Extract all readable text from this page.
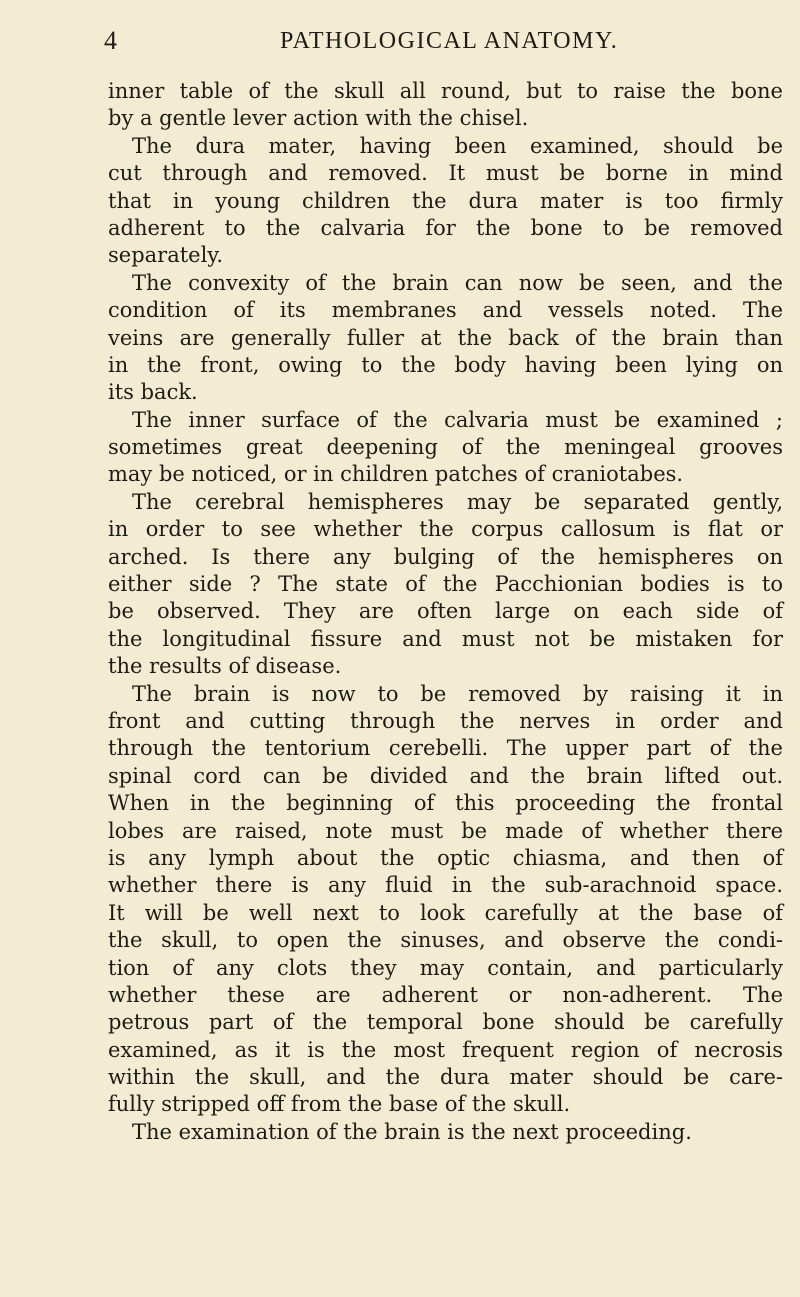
4	PATHOLOGICAL ANATOMY.
inner table of the skull all round, but to raise the bone
by a gentle lever action with the chisel.
The dura mater, having been examined, should be
cut through and removed. It must be borne in mind
that in young children the dura mater is too firmly
adherent to the calvaria for the bone to be removed
separately.
The convexity of the brain can now be seen, and the
condition of its membranes and vessels noted. The
veins are generally fuller at the back of the brain than
in the front, owing to the body having been lying on
its back.
The inner surface of the calvaria must be examined ;
sometimes great deepening of the meningeal grooves
may be noticed, or in children patches of craniotabes.
The cerebral hemispheres may be separated gently,
in order to see whether the corpus callosum is flat or
arched. Is there any bulging of the hemispheres on
either side ? The state of the Pacchionian bodies is to
be observed. They are often large on each side of
the longitudinal fissure and must not be mistaken for
the results of disease.
The brain is now to be removed by raising it in
front and cutting through the nerves in order and
through the tentorium cerebelli. The upper part of the
spinal cord can be divided and the brain lifted out.
When in the beginning of this proceeding the frontal
lobes are raised, note must be made of whether there
is any lymph about the optic chiasma, and then of
whether there is any fluid in the sub-arachnoid space.
It will be well next to look carefully at the base of
the skull, to open the sinuses, and observe the condi-
tion of any clots they may contain, and particularly
whether these are adherent or non-adherent. The
petrous part of the temporal bone should be carefully
examined, as it is the most frequent region of necrosis
within the skull, and the dura mater should be care-
fully stripped off from the base of the skull.
The examination of the brain is the next proceeding.
